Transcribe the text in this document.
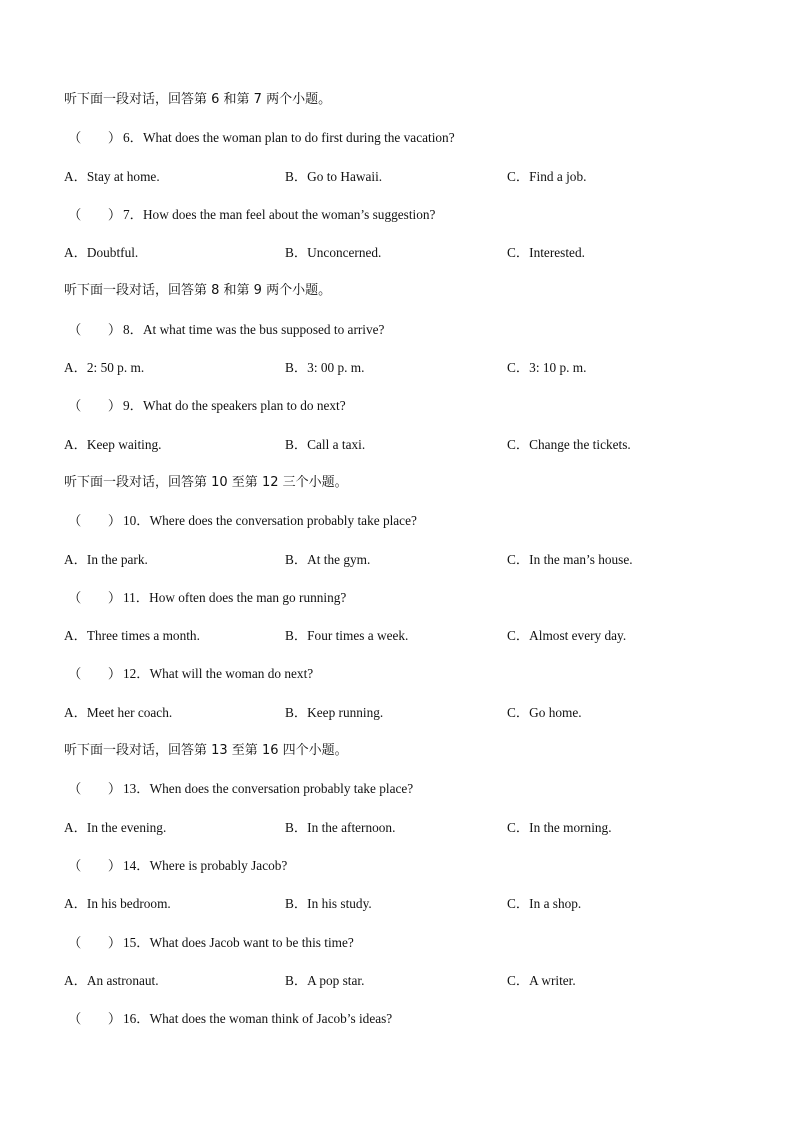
听下面一段对话，回答第 6 和第 7 两个小题。
（　　） 6．What does the woman plan to do first during the vacation?
A．Stay at home.	B．Go to Hawaii.	C．Find a job.
（　　） 7．How does the man feel about the woman’s suggestion?
A．Doubtful.	B．Unconcerned.	C．Interested.
听下面一段对话，回答第 8 和第 9 两个小题。
（　　） 8．At what time was the bus supposed to arrive?
A．2: 50 p. m.	B．3: 00 p. m.	C．3: 10 p. m.
（　　） 9．What do the speakers plan to do next?
A．Keep waiting.	B．Call a taxi.	C．Change the tickets.
听下面一段对话，回答第 10 至第 12 三个小题。
（　　） 10．Where does the conversation probably take place?
A．In the park.	B．At the gym.	C．In the man’s house.
（　　） 11．How often does the man go running?
A．Three times a month.	B．Four times a week.	C．Almost every day.
（　　） 12．What will the woman do next?
A．Meet her coach.	B．Keep running.	C．Go home.
听下面一段对话，回答第 13 至第 16 四个小题。
（　　） 13．When does the conversation probably take place?
A．In the evening.	B．In the afternoon.	C．In the morning.
（　　） 14．Where is probably Jacob?
A．In his bedroom.	B．In his study.	C．In a shop.
（　　） 15．What does Jacob want to be this time?
A．An astronaut.	B．A pop star.	C．A writer.
（　　） 16．What does the woman think of Jacob’s ideas?
